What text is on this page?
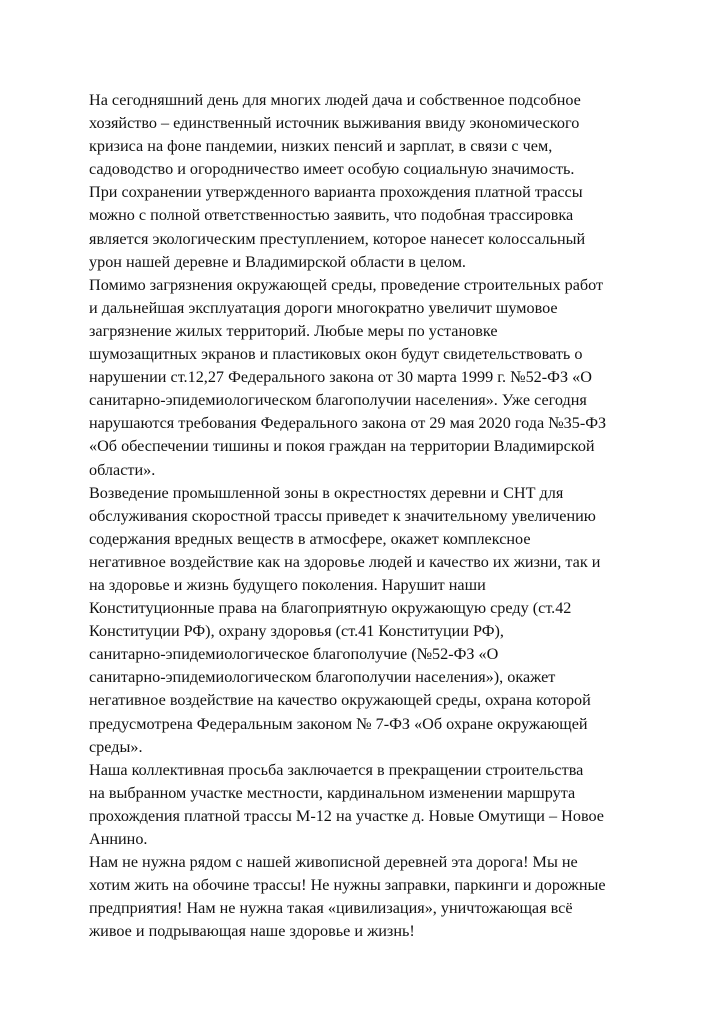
На сегодняшний день для многих людей дача и собственное подсобное
хозяйство – единственный источник выживания ввиду экономического
кризиса на фоне пандемии, низких пенсий и зарплат, в связи с чем,
садоводство и огородничество имеет особую социальную значимость.
При сохранении утвержденного варианта прохождения платной трассы
можно с полной ответственностью заявить, что подобная трассировка
является экологическим преступлением, которое нанесет колоссальный
урон нашей деревне и Владимирской области в целом.
Помимо загрязнения окружающей среды, проведение строительных работ
и дальнейшая эксплуатация дороги многократно увеличит шумовое
загрязнение жилых территорий. Любые меры по установке
шумозащитных экранов и пластиковых окон будут свидетельствовать о
нарушении ст.12,27 Федерального закона от 30 марта 1999 г. №52-ФЗ «О
санитарно-эпидемиологическом благополучии населения». Уже сегодня
нарушаются требования Федерального закона от 29 мая 2020 года №35-ФЗ
«Об обеспечении тишины и покоя граждан на территории Владимирской
области».
Возведение промышленной зоны в окрестностях деревни и СНТ для
обслуживания скоростной трассы приведет к значительному увеличению
содержания вредных веществ в атмосфере, окажет комплексное
негативное воздействие как на здоровье людей и качество их жизни, так и
на здоровье и жизнь будущего поколения. Нарушит наши
Конституционные права на благоприятную окружающую среду (ст.42
Конституции РФ), охрану здоровья (ст.41 Конституции РФ),
санитарно-эпидемиологическое благополучие (№52-ФЗ «О
санитарно-эпидемиологическом благополучии населения»), окажет
негативное воздействие на качество окружающей среды, охрана которой
предусмотрена Федеральным законом № 7-ФЗ «Об охране окружающей
среды».
Наша коллективная просьба заключается в прекращении строительства
на выбранном участке местности, кардинальном изменении маршрута
прохождения платной трассы М-12 на участке д. Новые Омутищи – Новое
Аннино.
Нам не нужна рядом с нашей живописной деревней эта дорога! Мы не
хотим жить на обочине трассы! Не нужны заправки, паркинги и дорожные
предприятия! Нам не нужна такая «цивилизация», уничтожающая всё
живое и подрывающая наше здоровье и жизнь!
